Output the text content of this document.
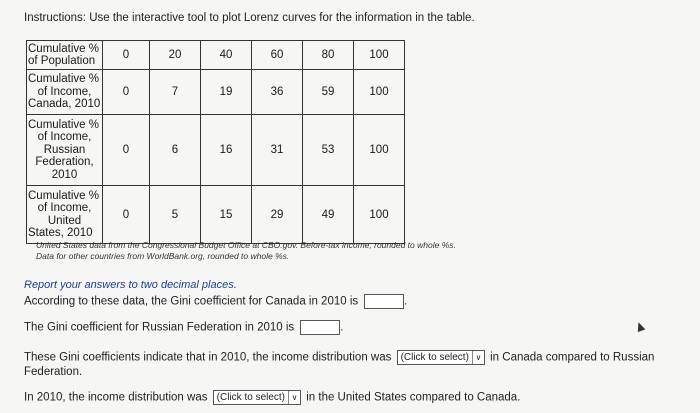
Instructions: Use the interactive tool to plot Lorenz curves for the information in the table.
Cumulative %
of Population	0	20	40	60	80	100

Cumulative %
of Income,
Canada, 2010	0	7	19	36	59	100

Cumulative %
of Income,
Russian
Federation,
2010	0	6	16	31	53	100

Cumulative %
of Income,
United
States, 2010	0	5	15	29	49	100
United States data from the Congressional Budget Office at CBO.gov. Before-tax income, rounded to whole %s.
Data for other countries from WorldBank.org, rounded to whole %s.
Report your answers to two decimal places.
According to these data, the Gini coefficient for Canada in 2010 is	.
The Gini coefficient for Russian Federation in 2010 is	.
These Gini coefficients indicate that in 2010, the income distribution was (Click to select) ∨ in Canada compared to Russian
Federation.
In 2010, the income distribution was (Click to select) ∨ in the United States compared to Canada.
